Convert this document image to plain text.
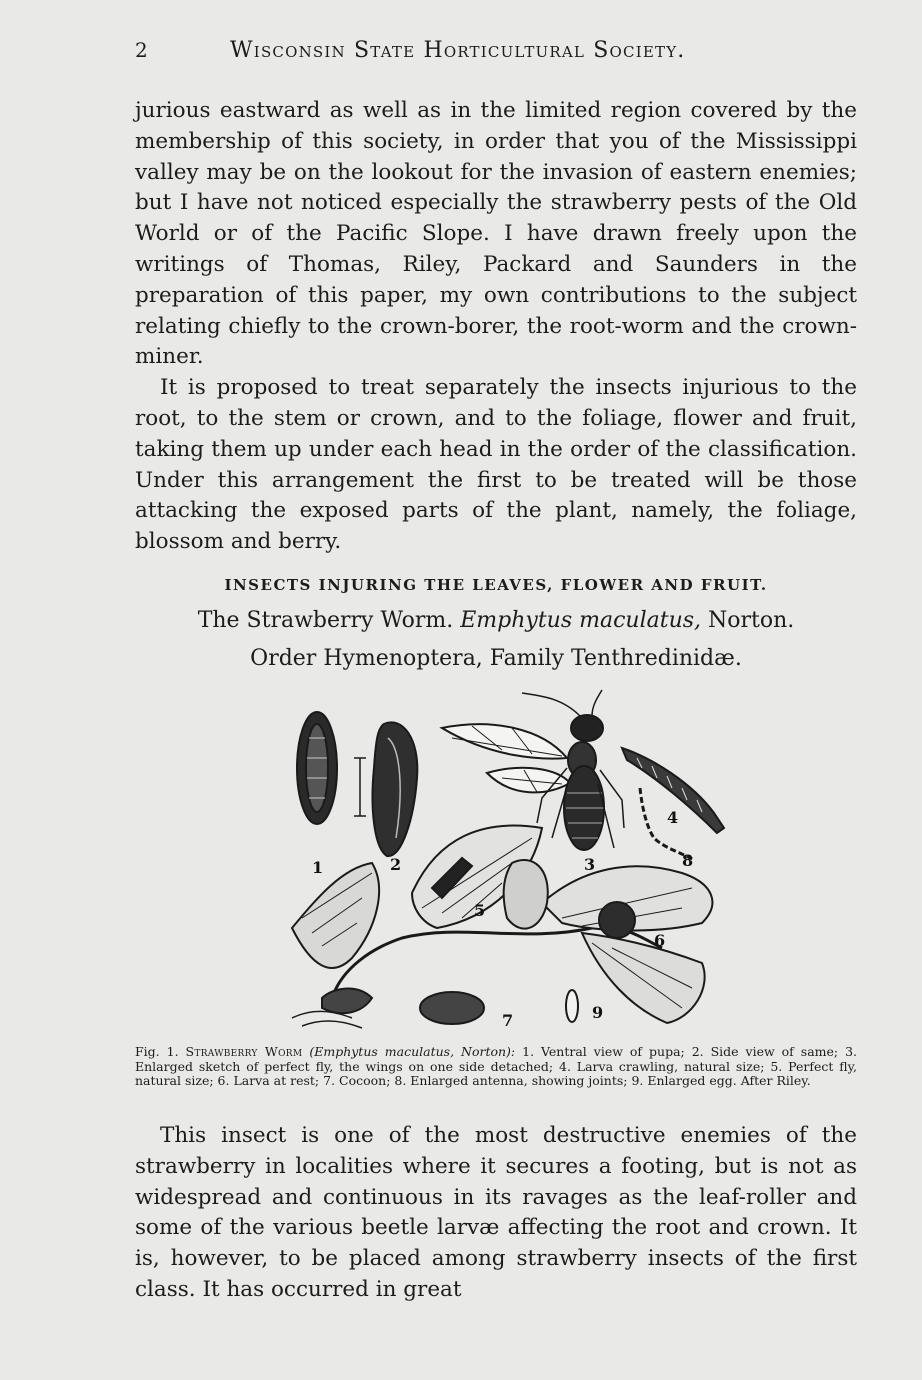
2	Wisconsin State Horticultural Society.

jurious eastward as well as in the limited region covered by the membership of this society, in order that you of the Mississippi valley may be on the lookout for the invasion of eastern enemies; but I have not noticed especially the strawberry pests of the Old World or of the Pacific Slope. I have drawn freely upon the writings of Thomas, Riley, Packard and Saunders in the preparation of this paper, my own contributions to the subject relating chiefly to the crown-borer, the root-worm and the crown-miner.

It is proposed to treat separately the insects injurious to the root, to the stem or crown, and to the foliage, flower and fruit, taking them up under each head in the order of the classification. Under this arrangement the first to be treated will be those attacking the exposed parts of the plant, namely, the foliage, blossom and berry.

INSECTS INJURING THE LEAVES, FLOWER AND FRUIT.
The Strawberry Worm. Emphytus maculatus, Norton.
Order Hymenoptera, Family Tenthredinidæ.
1	2	3
4
5
6
7
8
9

Fig. 1. Strawberry Worm (Emphytus maculatus, Norton): 1. Ventral view of pupa; 2. Side view of same; 3. Enlarged sketch of perfect fly, the wings on one side detached; 4. Larva crawling, natural size; 5. Perfect fly, natural size; 6. Larva at rest; 7. Cocoon; 8. Enlarged antenna, showing joints; 9. Enlarged egg. After Riley.

This insect is one of the most destructive enemies of the strawberry in localities where it secures a footing, but is not as widespread and continuous in its ravages as the leaf-roller and some of the various beetle larvæ affecting the root and crown. It is, however, to be placed among strawberry insects of the first class. It has occurred in great
